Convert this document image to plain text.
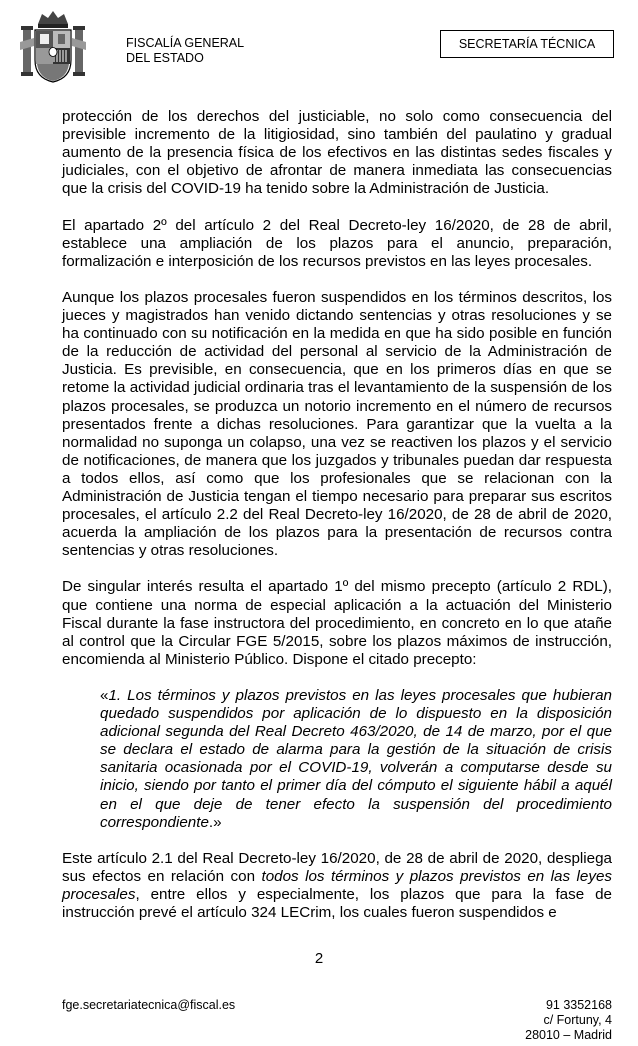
FISCALÍA GENERAL
DEL ESTADO
SECRETARÍA TÉCNICA

protección de los derechos del justiciable, no solo como consecuencia del previsible incremento de la litigiosidad, sino también del paulatino y gradual aumento de la presencia física de los efectivos en las distintas sedes fiscales y judiciales, con el objetivo de afrontar de manera inmediata las consecuencias que la crisis del COVID-19 ha tenido sobre la Administración de Justicia.

El apartado 2º del artículo 2 del Real Decreto-ley 16/2020, de 28 de abril, establece una ampliación de los plazos para el anuncio, preparación, formalización e interposición de los recursos previstos en las leyes procesales.

Aunque los plazos procesales fueron suspendidos en los términos descritos, los jueces y magistrados han venido dictando sentencias y otras resoluciones y se ha continuado con su notificación en la medida en que ha sido posible en función de la reducción de actividad del personal al servicio de la Administración de Justicia. Es previsible, en consecuencia, que en los primeros días en que se retome la actividad judicial ordinaria tras el levantamiento de la suspensión de los plazos procesales, se produzca un notorio incremento en el número de recursos presentados frente a dichas resoluciones. Para garantizar que la vuelta a la normalidad no suponga un colapso, una vez se reactiven los plazos y el servicio de notificaciones, de manera que los juzgados y tribunales puedan dar respuesta a todos ellos, así como que los profesionales que se relacionan con la Administración de Justicia tengan el tiempo necesario para preparar sus escritos procesales, el artículo 2.2 del Real Decreto-ley 16/2020, de 28 de abril de 2020, acuerda la ampliación de los plazos para la presentación de recursos contra sentencias y otras resoluciones.

De singular interés resulta el apartado 1º del mismo precepto (artículo 2 RDL), que contiene una norma de especial aplicación a la actuación del Ministerio Fiscal durante la fase instructora del procedimiento, en concreto en lo que atañe al control que la Circular FGE 5/2015, sobre los plazos máximos de instrucción, encomienda al Ministerio Público. Dispone el citado precepto:

«1. Los términos y plazos previstos en las leyes procesales que hubieran quedado suspendidos por aplicación de lo dispuesto en la disposición adicional segunda del Real Decreto 463/2020, de 14 de marzo, por el que se declara el estado de alarma para la gestión de la situación de crisis sanitaria ocasionada por el COVID-19, volverán a computarse desde su inicio, siendo por tanto el primer día del cómputo el siguiente hábil a aquél en el que deje de tener efecto la suspensión del procedimiento correspondiente.»

Este artículo 2.1 del Real Decreto-ley 16/2020, de 28 de abril de 2020, despliega sus efectos en relación con todos los términos y plazos previstos en las leyes procesales, entre ellos y especialmente, los plazos que para la fase de instrucción prevé el artículo 324 LECrim, los cuales fueron suspendidos e

2
fge.secretariatecnica@fiscal.es	91 3352168
c/ Fortuny, 4
28010 – Madrid
